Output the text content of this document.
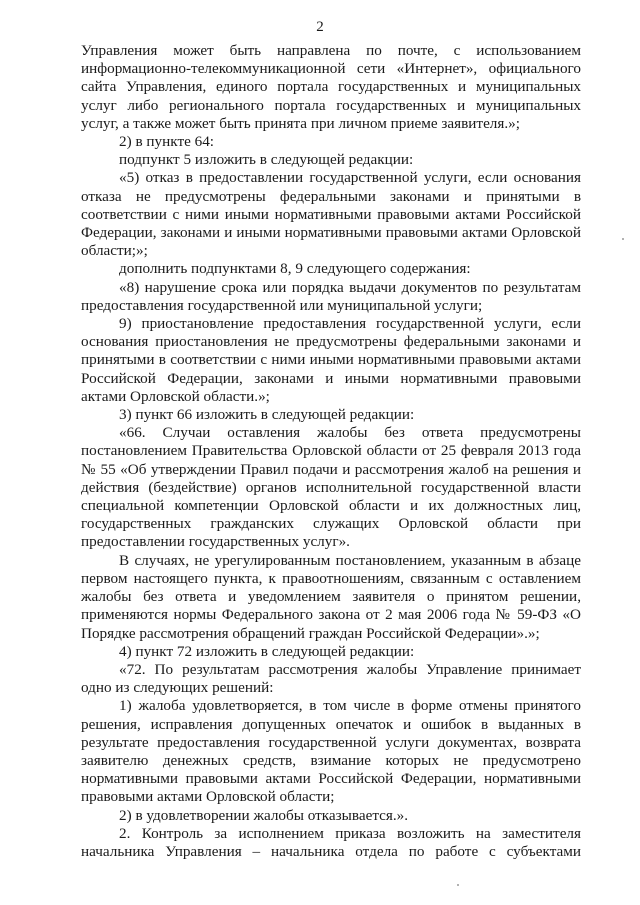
2

Управления может быть направлена по почте, с использованием информационно-телекоммуникационной сети «Интернет», официального сайта Управления, единого портала государственных и муниципальных услуг либо регионального портала государственных и муниципальных услуг, а также может быть принята при личном приеме заявителя.»;

2) в пункте 64:

подпункт 5 изложить в следующей редакции:

«5) отказ в предоставлении государственной услуги, если основания отказа не предусмотрены федеральными законами и принятыми в соответствии с ними иными нормативными правовыми актами Российской Федерации, законами и иными нормативными правовыми актами Орловской области;»;

дополнить подпунктами 8, 9 следующего содержания:

«8) нарушение срока или порядка выдачи документов по результатам предоставления государственной или муниципальной услуги;

9) приостановление предоставления государственной услуги, если основания приостановления не предусмотрены федеральными законами и принятыми в соответствии с ними иными нормативными правовыми актами Российской Федерации, законами и иными нормативными правовыми актами Орловской области.»;

3) пункт 66 изложить в следующей редакции:

«66. Случаи оставления жалобы без ответа предусмотрены постановлением Правительства Орловской области от 25 февраля 2013 года № 55 «Об утверждении Правил подачи и рассмотрения жалоб на решения и действия (бездействие) органов исполнительной государственной власти специальной компетенции Орловской области и их должностных лиц, государственных гражданских служащих Орловской области при предоставлении государственных услуг».

В случаях, не урегулированным постановлением, указанным в абзаце первом настоящего пункта, к правоотношениям, связанным с оставлением жалобы без ответа и уведомлением заявителя о принятом решении, применяются нормы Федерального закона от 2 мая 2006 года № 59-ФЗ «О Порядке рассмотрения обращений граждан Российской Федерации».»;

4) пункт 72 изложить в следующей редакции:

«72. По результатам рассмотрения жалобы Управление принимает одно из следующих решений:

1) жалоба удовлетворяется, в том числе в форме отмены принятого решения, исправления допущенных опечаток и ошибок в выданных в результате предоставления государственной услуги документах, возврата заявителю денежных средств, взимание которых не предусмотрено нормативными правовыми актами Российской Федерации, нормативными правовыми актами Орловской области;

2) в удовлетворении жалобы отказывается.».

2. Контроль за исполнением приказа возложить на заместителя начальника Управления – начальника отдела по работе с субъектами
